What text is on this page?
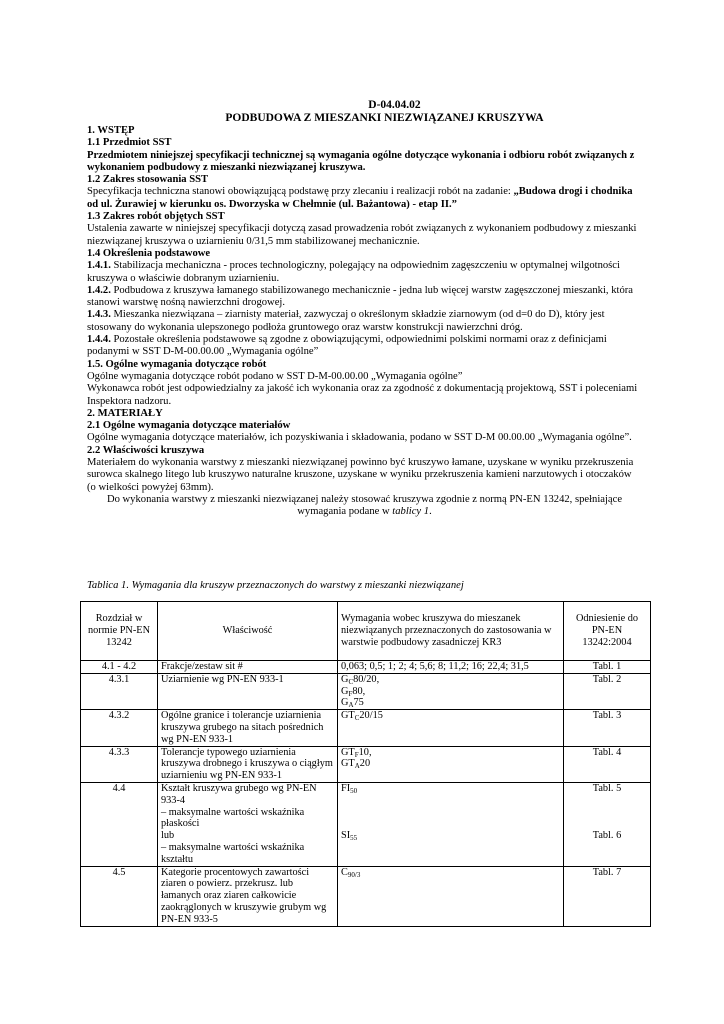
D-04.04.02

PODBUDOWA Z MIESZANKI NIEZWIĄZANEJ KRUSZYWA

1. WSTĘP

1.1 Przedmiot SST

Przedmiotem niniejszej specyfikacji technicznej są wymagania ogólne dotyczące wykonania i odbioru robót związanych z wykonaniem podbudowy z mieszanki niezwiązanej kruszywa.

1.2 Zakres stosowania SST

Specyfikacja techniczna stanowi obowiązującą podstawę przy zlecaniu i realizacji robót na zadanie: „Budowa drogi i chodnika od ul. Żurawiej w kierunku os. Dworzyska w Chełmnie (ul. Bażantowa) - etap II.”

1.3 Zakres robót objętych SST

Ustalenia zawarte w niniejszej specyfikacji dotyczą zasad prowadzenia robót związanych z wykonaniem podbudowy z mieszanki niezwiązanej kruszywa o uziarnieniu 0/31,5 mm stabilizowanej mechanicznie.

1.4 Określenia podstawowe

1.4.1. Stabilizacja mechaniczna - proces technologiczny, polegający na odpowiednim zagęszczeniu w optymalnej wilgotności kruszywa o właściwie dobranym uziarnieniu.

1.4.2. Podbudowa z kruszywa łamanego stabilizowanego mechanicznie - jedna lub więcej warstw zagęszczonej mieszanki, która stanowi warstwę nośną nawierzchni drogowej.

1.4.3. Mieszanka niezwiązana – ziarnisty materiał, zazwyczaj o określonym składzie ziarnowym (od d=0 do D), który jest stosowany do wykonania ulepszonego podłoża gruntowego oraz warstw konstrukcji nawierzchni dróg.

1.4.4. Pozostałe określenia podstawowe są zgodne z obowiązującymi, odpowiednimi polskimi normami oraz z definicjami podanymi w SST D-M-00.00.00 „Wymagania ogólne”

1.5. Ogólne wymagania dotyczące robót

Ogólne wymagania dotyczące robót podano w SST D-M-00.00.00 „Wymagania ogólne”

Wykonawca robót jest odpowiedzialny za jakość ich wykonania oraz za zgodność z dokumentacją projektową, SST i poleceniami Inspektora nadzoru.

2. MATERIAŁY

2.1 Ogólne wymagania dotyczące materiałów

Ogólne wymagania dotyczące materiałów, ich pozyskiwania i składowania, podano w SST D-M 00.00.00 „Wymagania ogólne”.

2.2 Właściwości kruszywa

Materiałem do wykonania warstwy z mieszanki niezwiązanej powinno być kruszywo łamane, uzyskane w wyniku przekruszenia surowca skalnego litego lub kruszywo naturalne kruszone, uzyskane w wyniku przekruszenia kamieni narzutowych i otoczaków (o wielkości powyżej 63mm).

Do wykonania warstwy z mieszanki niezwiązanej należy stosować kruszywa zgodnie z normą PN-EN 13242, spełniające wymagania podane w tablicy 1.

Tablica 1. Wymagania dla kruszyw przeznaczonych do warstwy z mieszanki niezwiązanej
Rozdział w normie PN-EN 13242	Właściwość	Wymagania wobec kruszywa do mieszanek niezwiązanych przeznaczonych do zastosowania w warstwie podbudowy zasadniczej KR3	Odniesienie do PN-EN 13242:2004
4.1 - 4.2	Frakcje/zestaw sit #	0,063; 0,5; 1; 2; 4; 5,6; 8; 11,2; 16; 22,4; 31,5	Tabl. 1
4.3.1	Uziarnienie wg PN-EN 933-1	$G_C80/20$,
$G_F80$,
$G_A75$	Tabl. 2
4.3.2	Ogólne granice i tolerancje uziarnienia kruszywa grubego na sitach pośrednich wg PN-EN 933-1	$GT_C20/15$	Tabl. 3
4.3.3	Tolerancje typowego uziarnienia kruszywa drobnego i kruszywa o ciągłym uziarnieniu wg PN-EN 933-1	$GT_F10$,
$GT_A20$	Tabl. 4
4.4	Kształt kruszywa grubego wg PN-EN 933-4
– maksymalne wartości wskaźnika płaskości	$FI_{50}$	Tabl. 5
	lub
– maksymalne wartości wskaźnika kształtu	$SI_{55}$	Tabl. 6
4.5	Kategorie procentowych zawartości ziaren o powierz. przekrusz. lub łamanych oraz ziaren całkowicie zaokrąglonych w kruszywie grubym wg PN-EN 933-5	$C_{90/3}$	Tabl. 7
